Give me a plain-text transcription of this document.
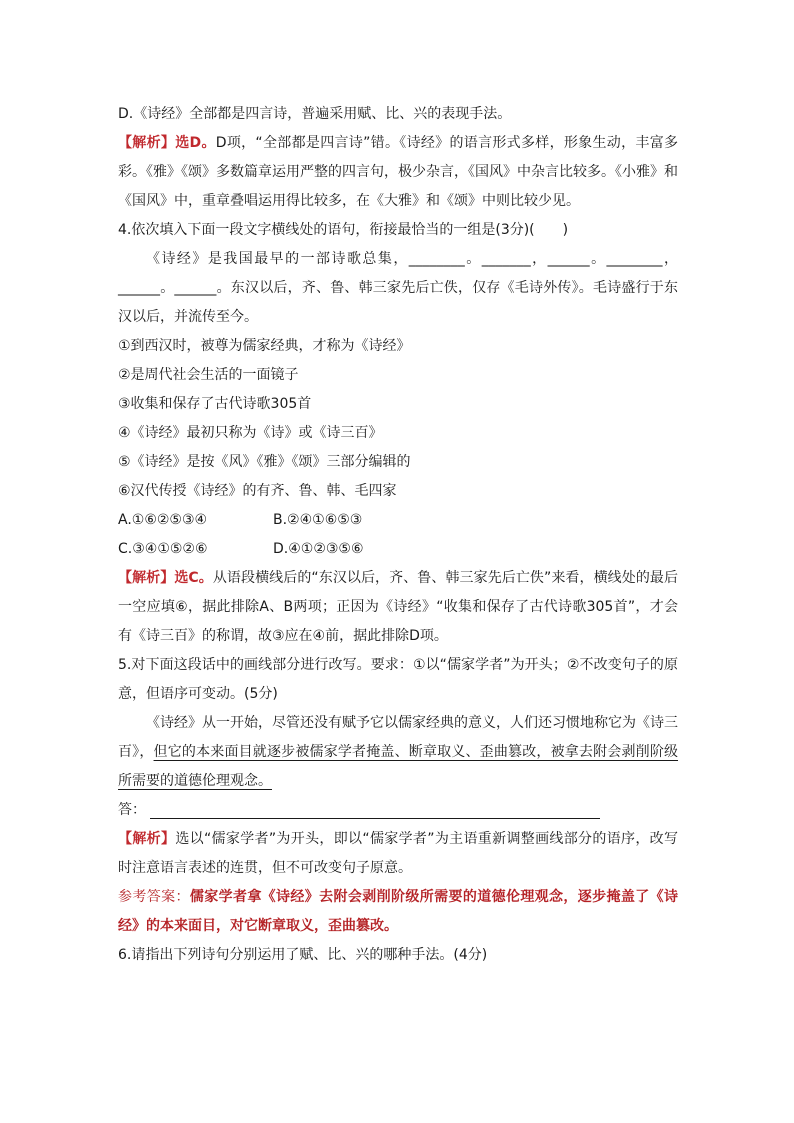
D.《诗经》全部都是四言诗，普遍采用赋、比、兴的表现手法。

【解析】选D。D项，“全部都是四言诗”错。《诗经》的语言形式多样，形象生动，丰富多彩。《雅》《颂》多数篇章运用严整的四言句，极少杂言，《国风》中杂言比较多。《小雅》和《国风》中，重章叠唱运用得比较多，在《大雅》和《颂》中则比较少见。

4.依次填入下面一段文字横线处的语句，衔接最恰当的一组是(3分)(　　)

《诗经》是我国最早的一部诗歌总集，________。_______，______。________，______。______。东汉以后，齐、鲁、韩三家先后亡佚，仅存《毛诗外传》。毛诗盛行于东汉以后，并流传至今。

①到西汉时，被尊为儒家经典，才称为《诗经》

②是周代社会生活的一面镜子

③收集和保存了古代诗歌305首

④《诗经》最初只称为《诗》或《诗三百》

⑤《诗经》是按《风》《雅》《颂》三部分编辑的

⑥汉代传授《诗经》的有齐、鲁、韩、毛四家

A.①⑥②⑤③④	B.②④①⑥⑤③
C.③④①⑤②⑥	D.④①②③⑤⑥

【解析】选C。从语段横线后的“东汉以后，齐、鲁、韩三家先后亡佚”来看，横线处的最后一空应填⑥，据此排除A、B两项；正因为《诗经》“收集和保存了古代诗歌305首”，才会有《诗三百》的称谓，故③应在④前，据此排除D项。

5.对下面这段话中的画线部分进行改写。要求：①以“儒家学者”为开头；②不改变句子的原意，但语序可变动。(5分)

《诗经》从一开始，尽管还没有赋予它以儒家经典的意义，人们还习惯地称它为《诗三百》，但它的本来面目就逐步被儒家学者掩盖、断章取义、歪曲篡改，被拿去附会剥削阶级所需要的道德伦理观念。

答：

【解析】选以“儒家学者”为开头，即以“儒家学者”为主语重新调整画线部分的语序，改写时注意语言表述的连贯，但不可改变句子原意。

参考答案：儒家学者拿《诗经》去附会剥削阶级所需要的道德伦理观念，逐步掩盖了《诗经》的本来面目，对它断章取义，歪曲篡改。

6.请指出下列诗句分别运用了赋、比、兴的哪种手法。(4分)
